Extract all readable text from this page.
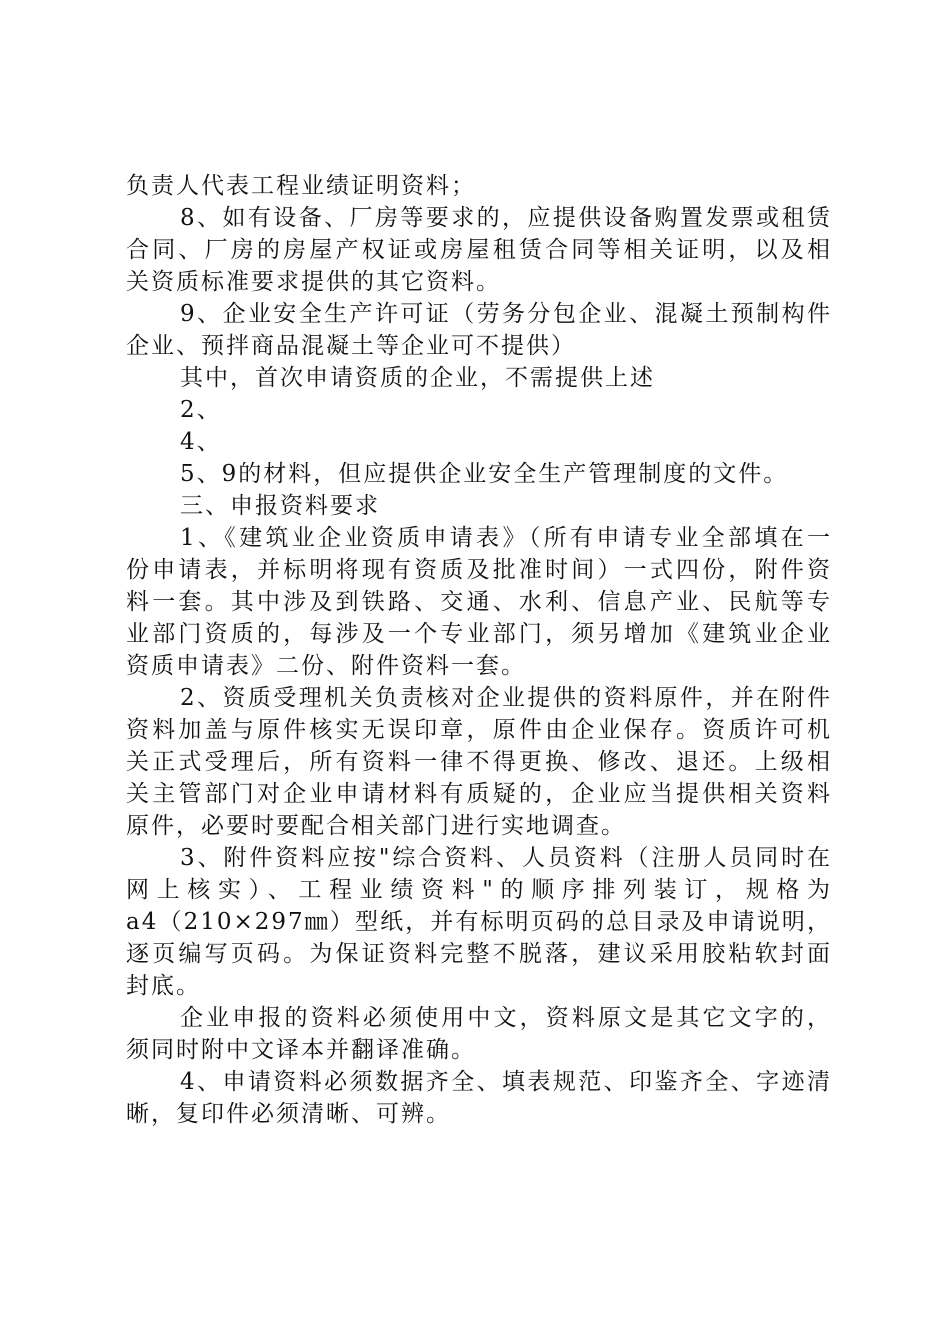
负责人代表工程业绩证明资料；
8、如有设备、厂房等要求的，应提供设备购置发票或租赁
合同、厂房的房屋产权证或房屋租赁合同等相关证明，以及相
关资质标准要求提供的其它资料。
9、企业安全生产许可证（劳务分包企业、混凝土预制构件
企业、预拌商品混凝土等企业可不提供）
其中，首次申请资质的企业，不需提供上述
2、
4、
5、9的材料，但应提供企业安全生产管理制度的文件。
三、申报资料要求
1、《建筑业企业资质申请表》（所有申请专业全部填在一
份申请表，并标明将现有资质及批准时间）一式四份，附件资
料一套。其中涉及到铁路、交通、水利、信息产业、民航等专
业部门资质的，每涉及一个专业部门，须另增加《建筑业企业
资质申请表》二份、附件资料一套。
2、资质受理机关负责核对企业提供的资料原件，并在附件
资料加盖与原件核实无误印章，原件由企业保存。资质许可机
关正式受理后，所有资料一律不得更换、修改、退还。上级相
关主管部门对企业申请材料有质疑的，企业应当提供相关资料
原件，必要时要配合相关部门进行实地调查。
3、附件资料应按"综合资料、人员资料（注册人员同时在
网上核实）、工程业绩资料"的顺序排列装订，规格为
a4（210×297㎜）型纸，并有标明页码的总目录及申请说明，
逐页编写页码。为保证资料完整不脱落，建议采用胶粘软封面
封底。
企业申报的资料必须使用中文，资料原文是其它文字的，
须同时附中文译本并翻译准确。
4、申请资料必须数据齐全、填表规范、印鉴齐全、字迹清
晰，复印件必须清晰、可辨。
